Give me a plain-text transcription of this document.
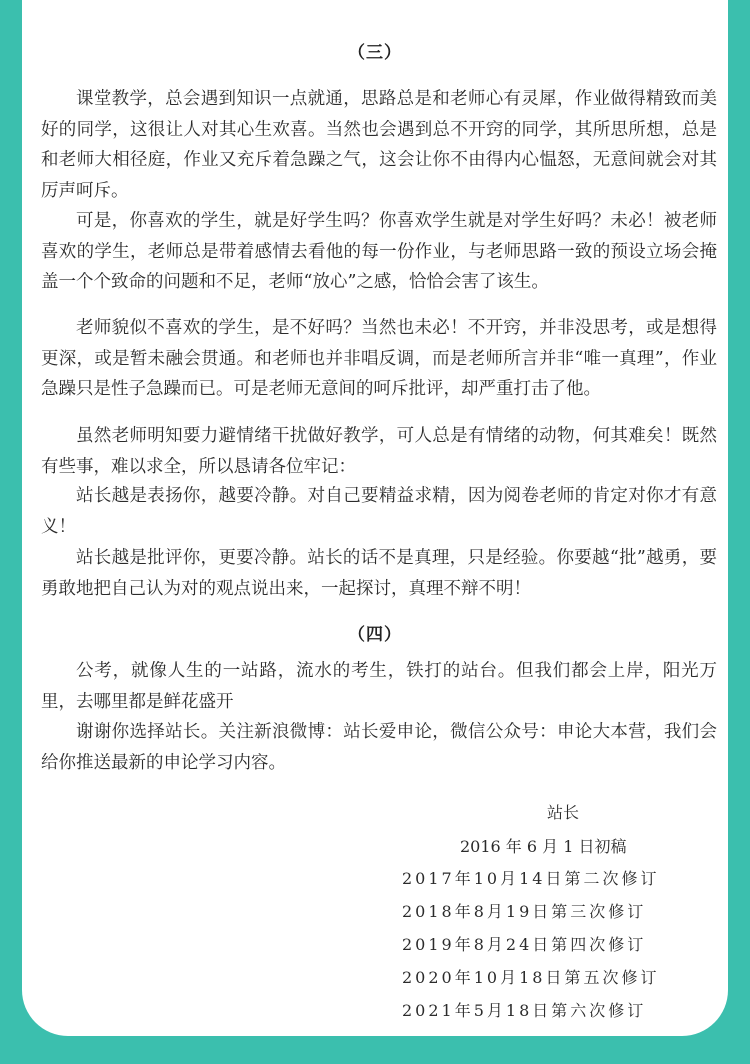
（三）
课堂教学，总会遇到知识一点就通，思路总是和老师心有灵犀，作业做得精致而美好的同学，这很让人对其心生欢喜。当然也会遇到总不开窍的同学，其所思所想，总是和老师大相径庭，作业又充斥着急躁之气，这会让你不由得内心愠怒，无意间就会对其厉声呵斥。
可是，你喜欢的学生，就是好学生吗？你喜欢学生就是对学生好吗？未必！被老师喜欢的学生，老师总是带着感情去看他的每一份作业，与老师思路一致的预设立场会掩盖一个个致命的问题和不足，老师“放心”之感，恰恰会害了该生。
老师貌似不喜欢的学生，是不好吗？当然也未必！不开窍，并非没思考，或是想得更深，或是暂未融会贯通。和老师也并非唱反调，而是老师所言并非“唯一真理”，作业急躁只是性子急躁而已。可是老师无意间的呵斥批评，却严重打击了他。
虽然老师明知要力避情绪干扰做好教学，可人总是有情绪的动物，何其难矣！既然有些事，难以求全，所以恳请各位牢记：
站长越是表扬你，越要冷静。对自己要精益求精，因为阅卷老师的肯定对你才有意义！
站长越是批评你，更要冷静。站长的话不是真理，只是经验。你要越“批”越勇，要勇敢地把自己认为对的观点说出来，一起探讨，真理不辩不明！
（四）
公考，就像人生的一站路，流水的考生，铁打的站台。但我们都会上岸，阳光万里，去哪里都是鲜花盛开
谢谢你选择站长。关注新浪微博：站长爱申论，微信公众号：申论大本营，我们会给你推送最新的申论学习内容。
站长
2016 年 6 月 1 日初稿
2017年10月14日第二次修订
2018年8月19日第三次修订
2019年8月24日第四次修订
2020年10月18日第五次修订
2021年5月18日第六次修订
